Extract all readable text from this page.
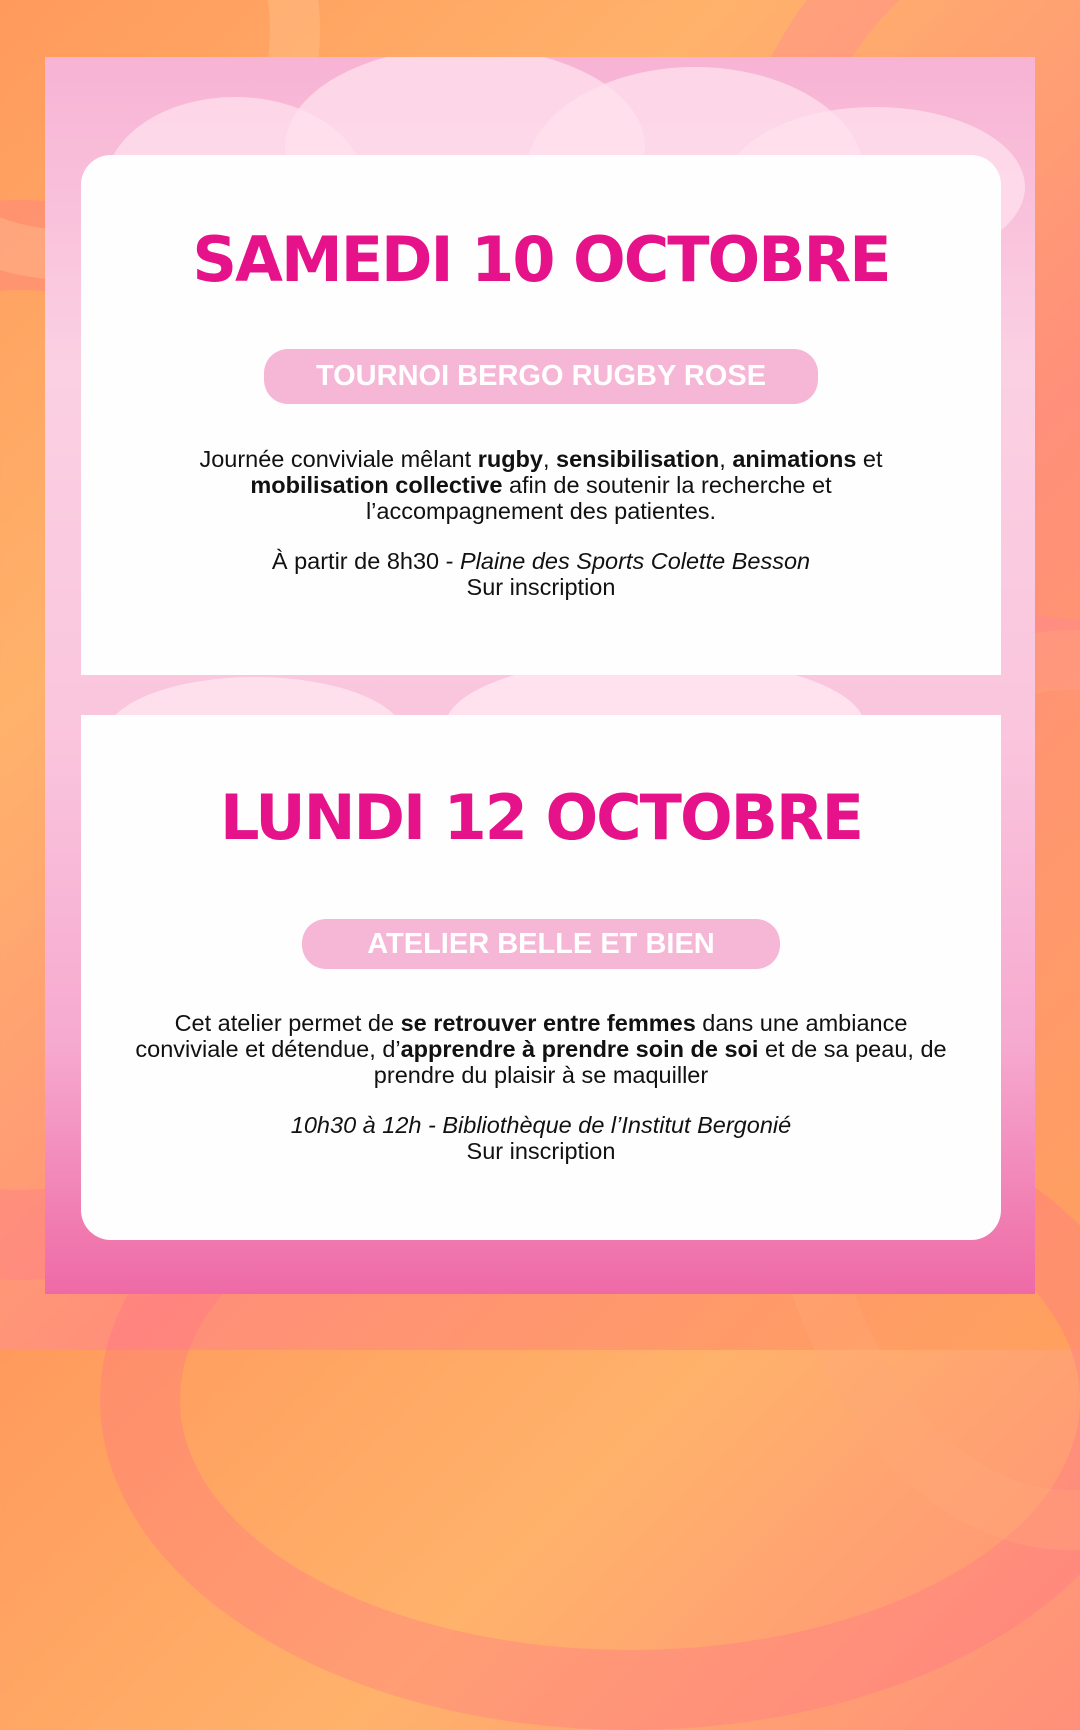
SAMEDI 10 OCTOBRE
TOURNOI BERGO RUGBY ROSE
Journée conviviale mêlant rugby, sensibilisation, animations et mobilisation collective afin de soutenir la recherche et l’accompagnement des patientes.
À partir de 8h30 - Plaine des Sports Colette Besson
Sur inscription
LUNDI 12 OCTOBRE
ATELIER BELLE ET BIEN
Cet atelier permet de se retrouver entre femmes dans une ambiance conviviale et détendue, d’apprendre à prendre soin de soi et de sa peau, de prendre du plaisir à se maquiller
10h30 à 12h - Bibliothèque de l’Institut Bergonié
Sur inscription
